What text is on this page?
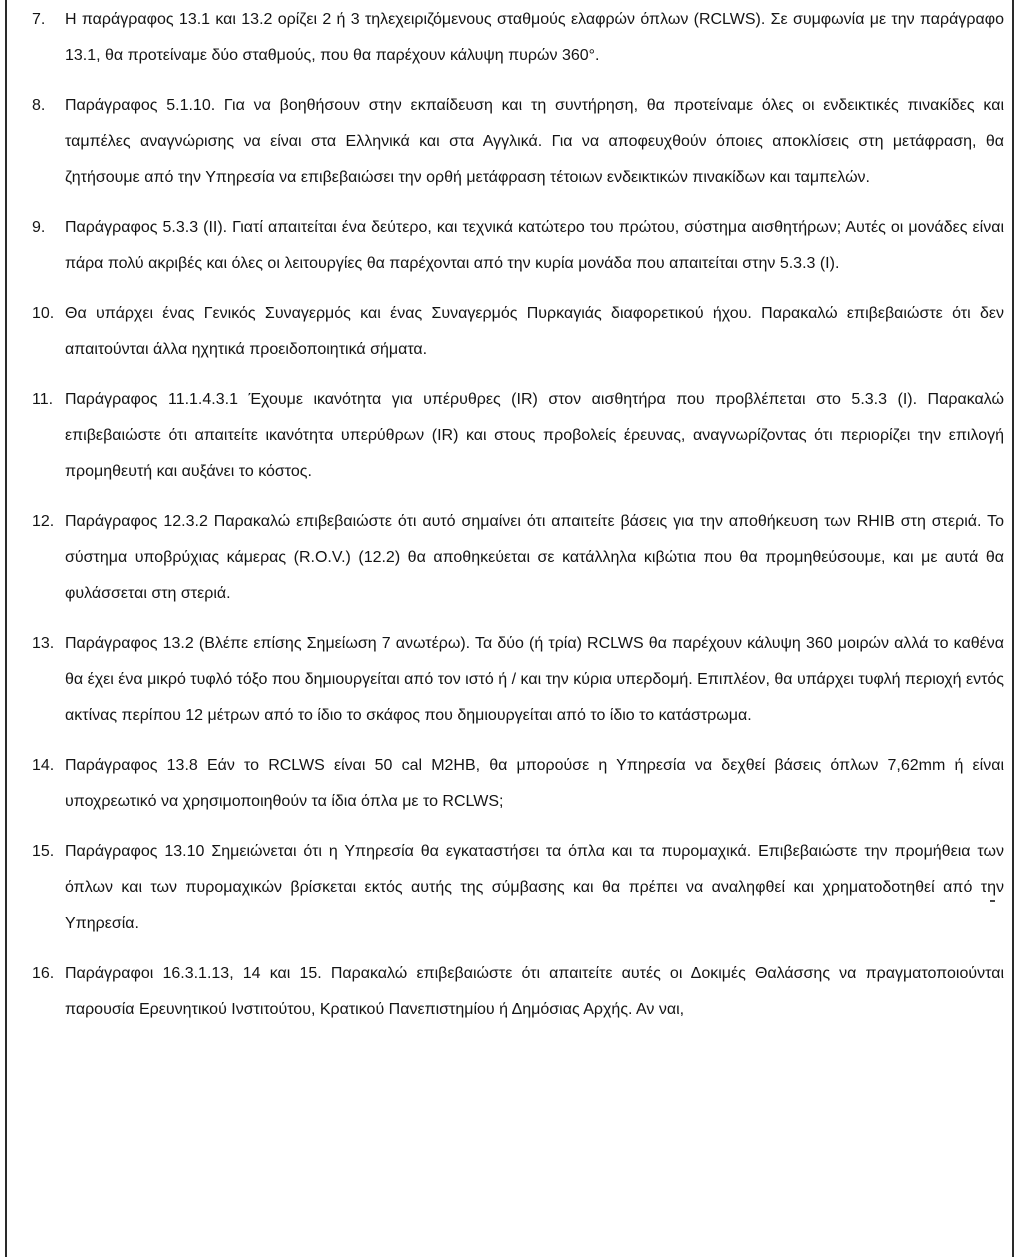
7.	Η παράγραφος 13.1 και 13.2 ορίζει 2 ή 3 τηλεχειριζόμενους σταθμούς ελαφρών όπλων (RCLWS). Σε συμφωνία με την παράγραφο 13.1, θα προτείναμε δύο σταθμούς, που θα παρέχουν κάλυψη πυρών 360°.
8.	Παράγραφος 5.1.10. Για να βοηθήσουν στην εκπαίδευση και τη συντήρηση, θα προτείναμε όλες οι ενδεικτικές πινακίδες και ταμπέλες αναγνώρισης να είναι στα Ελληνικά και στα Αγγλικά. Για να αποφευχθούν όποιες αποκλίσεις στη μετάφραση, θα ζητήσουμε από την Υπηρεσία να επιβεβαιώσει την ορθή μετάφραση τέτοιων ενδεικτικών πινακίδων και ταμπελών.
9.	Παράγραφος 5.3.3 (II). Γιατί απαιτείται ένα δεύτερο, και τεχνικά κατώτερο του πρώτου, σύστημα αισθητήρων; Αυτές οι μονάδες είναι πάρα πολύ ακριβές και όλες οι λειτουργίες θα παρέχονται από την κυρία μονάδα που απαιτείται στην 5.3.3 (I).
10. Θα υπάρχει ένας Γενικός Συναγερμός και ένας Συναγερμός Πυρκαγιάς διαφορετικού ήχου. Παρακαλώ επιβεβαιώστε ότι δεν απαιτούνται άλλα ηχητικά προειδοποιητικά σήματα.
11. Παράγραφος 11.1.4.3.1 Έχουμε ικανότητα για υπέρυθρες (IR) στον αισθητήρα που προβλέπεται στο 5.3.3 (I). Παρακαλώ επιβεβαιώστε ότι απαιτείτε ικανότητα υπερύθρων (IR) και στους προβολείς έρευνας, αναγνωρίζοντας ότι περιορίζει την επιλογή προμηθευτή και αυξάνει το κόστος.
12. Παράγραφος 12.3.2 Παρακαλώ επιβεβαιώστε ότι αυτό σημαίνει ότι απαιτείτε βάσεις για την αποθήκευση των RHIB στη στεριά. Το σύστημα υποβρύχιας κάμερας (R.O.V.) (12.2) θα αποθηκεύεται σε κατάλληλα κιβώτια που θα προμηθεύσουμε, και με αυτά θα φυλάσσεται στη στεριά.
13. Παράγραφος 13.2 (Βλέπε επίσης Σημείωση 7 ανωτέρω). Τα δύο (ή τρία) RCLWS θα παρέχουν κάλυψη 360 μοιρών αλλά το καθένα θα έχει ένα μικρό τυφλό τόξο που δημιουργείται από τον ιστό ή / και την κύρια υπερδομή. Επιπλέον, θα υπάρχει τυφλή περιοχή εντός ακτίνας περίπου 12 μέτρων από το ίδιο το σκάφος που δημιουργείται από το ίδιο το κατάστρωμα.
14. Παράγραφος 13.8 Εάν το RCLWS είναι 50 cal M2HB, θα μπορούσε η Υπηρεσία να δεχθεί βάσεις όπλων 7,62mm ή είναι υποχρεωτικό να χρησιμοποιηθούν τα ίδια όπλα με το RCLWS;
15. Παράγραφος 13.10 Σημειώνεται ότι η Υπηρεσία θα εγκαταστήσει τα όπλα και τα πυρομαχικά. Επιβεβαιώστε την προμήθεια των όπλων και των πυρομαχικών βρίσκεται εκτός αυτής της σύμβασης και θα πρέπει να αναληφθεί και χρηματοδοτηθεί από την Υπηρεσία.
16. Παράγραφοι 16.3.1.13, 14 και 15. Παρακαλώ επιβεβαιώστε ότι απαιτείτε αυτές οι Δοκιμές Θαλάσσης να πραγματοποιούνται παρουσία Ερευνητικού Ινστιτούτου, Κρατικού Πανεπιστημίου ή Δημόσιας Αρχής. Αν ναι,
